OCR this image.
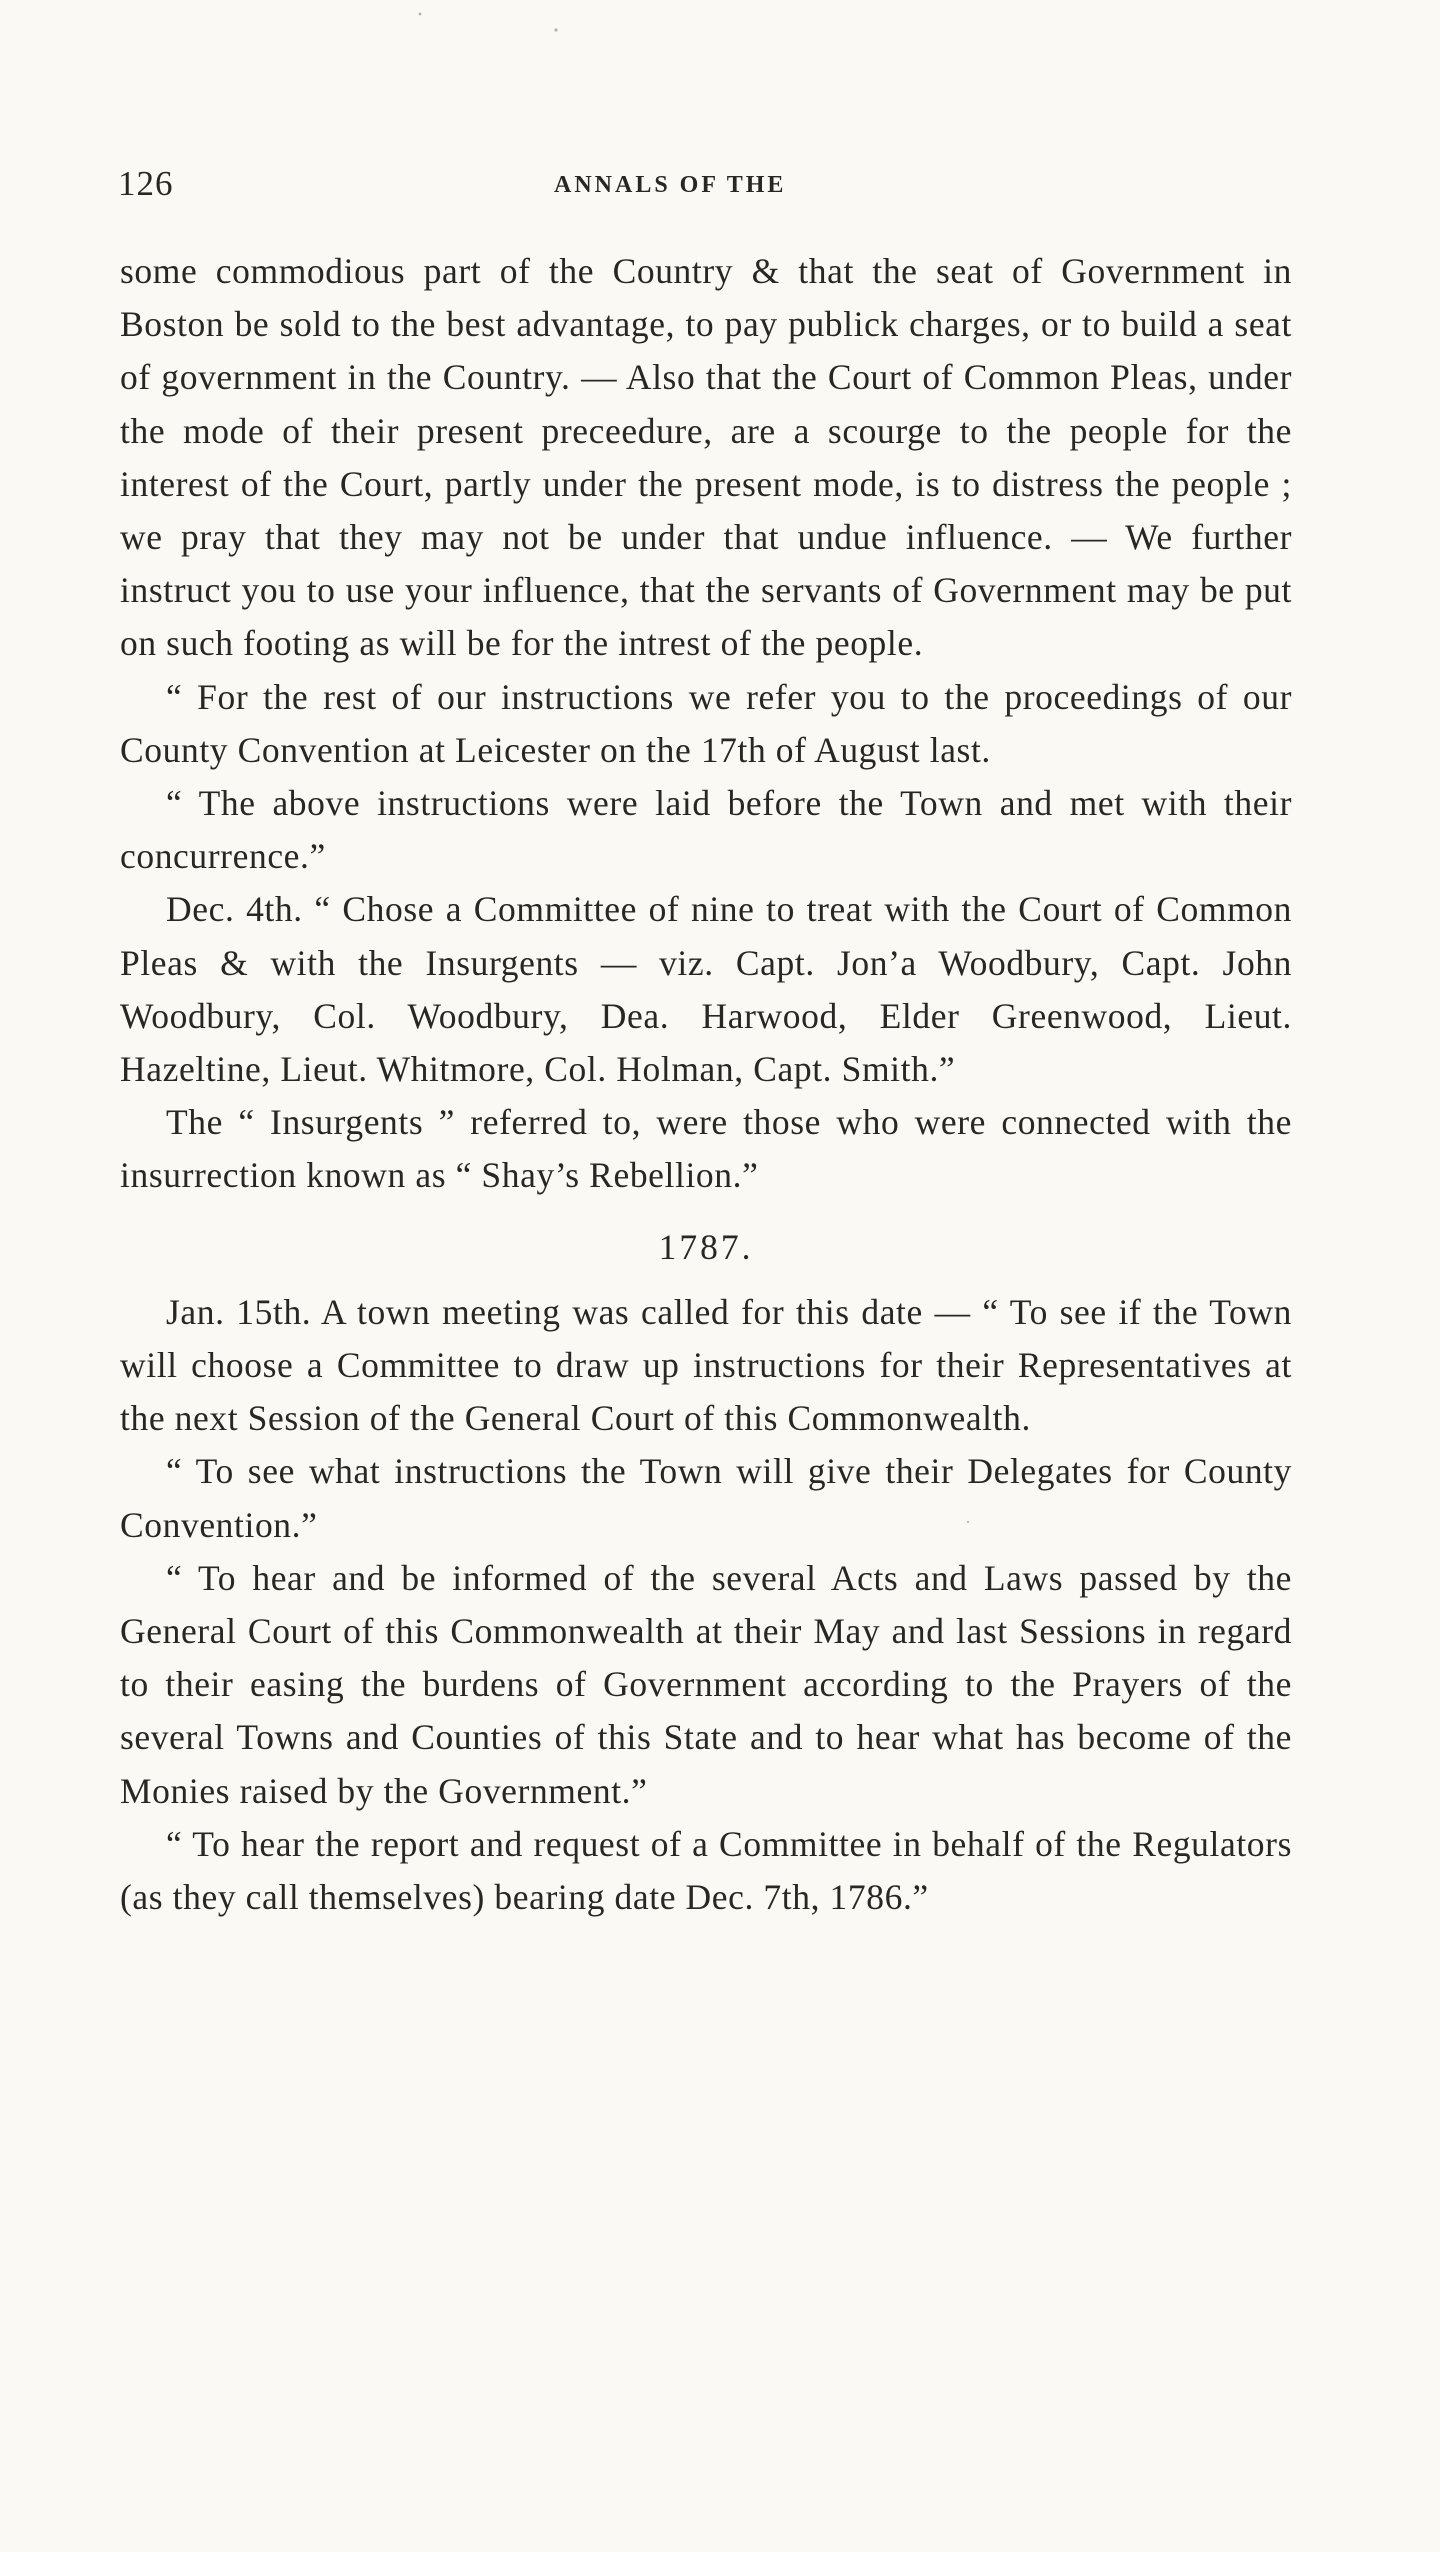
126	ANNALS OF THE

some commodious part of the Country & that the seat of Government in Boston be sold to the best advantage, to pay publick charges, or to build a seat of government in the Country. — Also that the Court of Common Pleas, under the mode of their present preceedure, are a scourge to the people for the interest of the Court, partly under the present mode, is to distress the people ; we pray that they may not be under that undue influence. — We further instruct you to use your influence, that the servants of Government may be put on such footing as will be for the intrest of the people.

“ For the rest of our instructions we refer you to the proceedings of our County Convention at Leicester on the 17th of August last.

“ The above instructions were laid before the Town and met with their concurrence.”

Dec. 4th. “ Chose a Committee of nine to treat with the Court of Common Pleas & with the Insurgents — viz. Capt. Jon’a Woodbury, Capt. John Woodbury, Col. Woodbury, Dea. Harwood, Elder Greenwood, Lieut. Hazeltine, Lieut. Whitmore, Col. Holman, Capt. Smith.”

The “ Insurgents ” referred to, were those who were connected with the insurrection known as “ Shay’s Rebellion.”

1787.

Jan. 15th. A town meeting was called for this date — “ To see if the Town will choose a Committee to draw up instructions for their Representatives at the next Session of the General Court of this Commonwealth.

“ To see what instructions the Town will give their Delegates for County Convention.”

“ To hear and be informed of the several Acts and Laws passed by the General Court of this Commonwealth at their May and last Sessions in regard to their easing the burdens of Government according to the Prayers of the several Towns and Counties of this State and to hear what has become of the Monies raised by the Government.”

“ To hear the report and request of a Committee in behalf of the Regulators (as they call themselves) bearing date Dec. 7th, 1786.”
